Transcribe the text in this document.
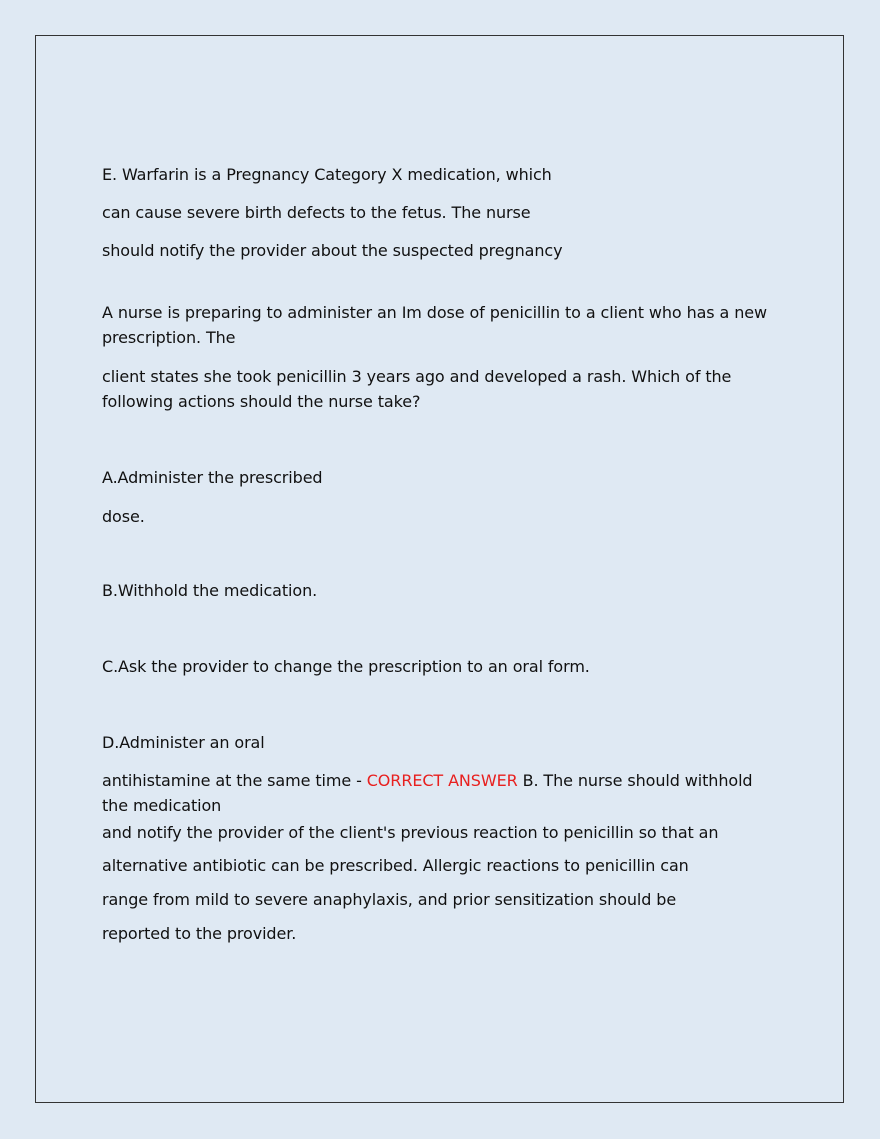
E. Warfarin is a Pregnancy Category X medication, which
can cause severe birth defects to the fetus. The nurse
should notify the provider about the suspected pregnancy
A nurse is preparing to administer an Im dose of penicillin to a client who has a new prescription. The
client states she took penicillin 3 years ago and developed a rash. Which of the following actions should the nurse take?
A.Administer the prescribed
dose.
B.Withhold the medication.
C.Ask the provider to change the prescription to an oral form.
D.Administer an oral
antihistamine at the same time - CORRECT ANSWER B. The nurse should withhold the medication
and notify the provider of the client's previous reaction to penicillin so that an
alternative antibiotic can be prescribed. Allergic reactions to penicillin can
range from mild to severe anaphylaxis, and prior sensitization should be
reported to the provider.
